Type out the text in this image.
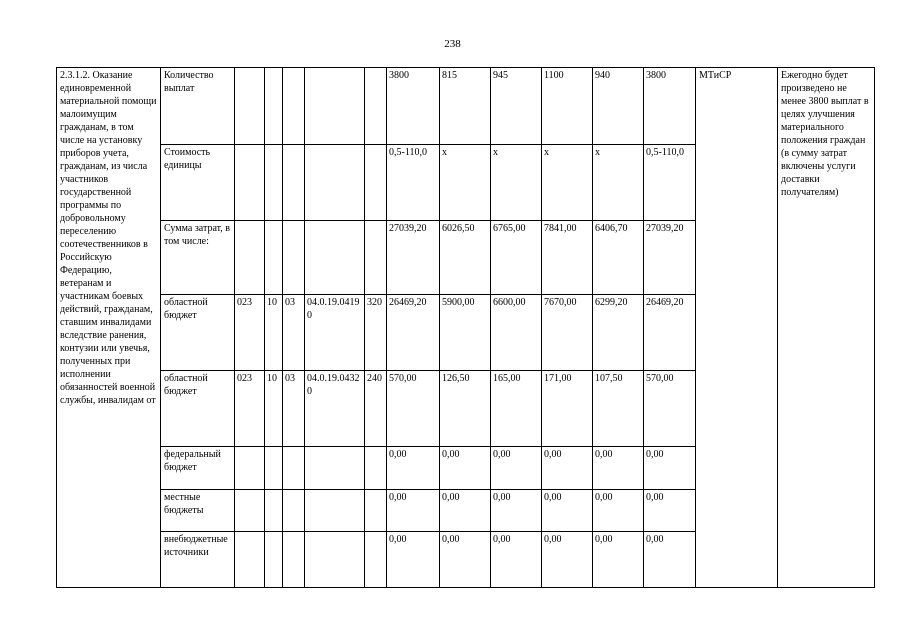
238
2.3.1.2. Оказание единовременной материальной помощи малоимущим гражданам, в том числе на установку приборов учета, гражданам, из числа участников государственной программы по добровольному переселению соотечественников в Российскую Федерацию, ветеранам и участникам боевых действий, гражданам, ставшим инвалидами вследствие ранения, контузии или увечья, полученных при исполнении обязанностей военной службы, инвалидам от	Количество выплат						3800	815	945	1100	940	3800	МТиСР	Ежегодно будет произведено не менее 3800 выплат в целях улучшения материального положения граждан (в сумму затрат включены услуги доставки получателям)
	Стоимость единицы						0,5-110,0	x	x	x	x	0,5-110,0		
	Сумма затрат, в том числе:						27039,20	6026,50	6765,00	7841,00	6406,70	27039,20		
	областной бюджет	023	10	03	04.0.19.04190	320	26469,20	5900,00	6600,00	7670,00	6299,20	26469,20		
	областной бюджет	023	10	03	04.0.19.04320	240	570,00	126,50	165,00	171,00	107,50	570,00		
	федеральный бюджет						0,00	0,00	0,00	0,00	0,00	0,00		
	местные бюджеты						0,00	0,00	0,00	0,00	0,00	0,00		
	внебюджетные источники						0,00	0,00	0,00	0,00	0,00	0,00		
